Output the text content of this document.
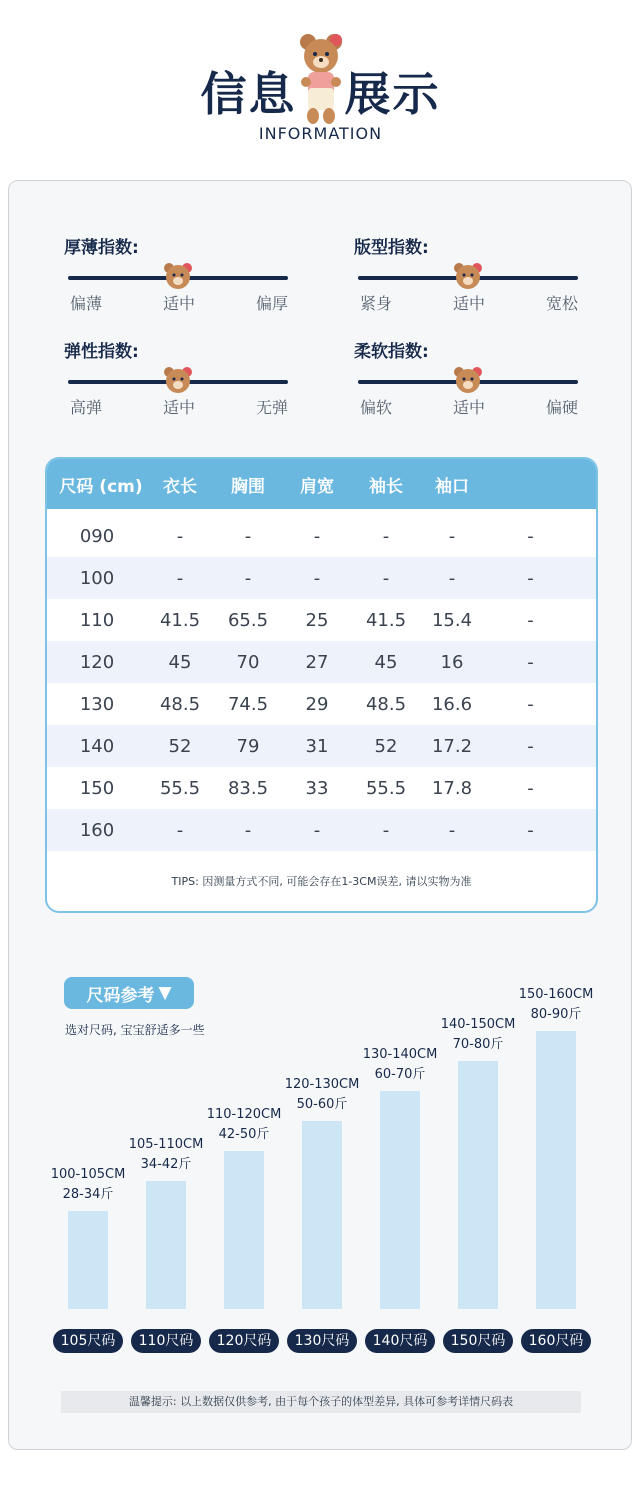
信息 展示
INFORMATION
厚薄指数:
偏薄	适中	偏厚
版型指数:
紧身	适中	宽松
弹性指数:
高弹	适中	无弹
柔软指数:
偏软	适中	偏硬
尺码 (cm)	衣长	胸围	肩宽	袖长	袖口
090	-	-	-	-	-	-
100	-	-	-	-	-	-
110	41.5	65.5	25	41.5	15.4	-
120	45	70	27	45	16	-
130	48.5	74.5	29	48.5	16.6	-
140	52	79	31	52	17.2	-
150	55.5	83.5	33	55.5	17.8	-
160	-	-	-	-	-	-
TIPS: 因测量方式不同, 可能会存在1-3CM误差, 请以实物为准
尺码参考 ▼
选对尺码, 宝宝舒适多一些
100-105CM
28-34斤
105尺码
105-110CM
34-42斤
110尺码
110-120CM
42-50斤
120尺码
120-130CM
50-60斤
130尺码
130-140CM
60-70斤
140尺码
140-150CM
70-80斤
150尺码
150-160CM
80-90斤
160尺码
温馨提示: 以上数据仅供参考, 由于每个孩子的体型差异, 具体可参考详情尺码表
